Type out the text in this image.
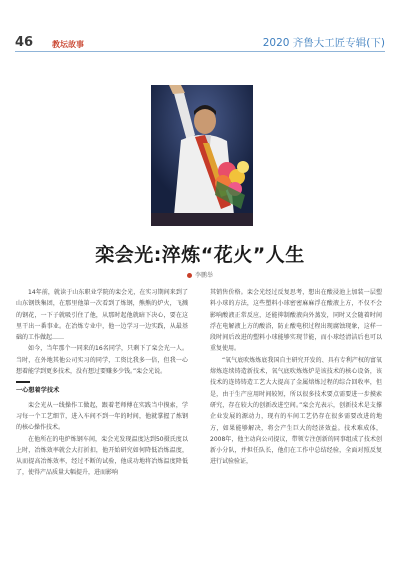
46 教坛故事	2020 齐鲁大工匠专辑(下)
栾会光:淬炼“花火”人生
李鹏举

14年前，就读于山东职业学院的栾会光，在实习期间来到了山东钢铁集团，在那里他第一次看到了炼钢，熊熊的炉火，飞溅的钢花，一下子就吸引住了他，从那时起他就暗下决心，要在这里干出一番事业。在冶炼专业中，他一边学习一边实践，从最基础的工作做起……

如今，当年那个一同来的16名同学，只剩下了栾会光一人。当时，在外地其他公司实习的同学，工资比我多一倍，但我一心想着能学到更多技术，没有想过要赚多少钱。”栾会光说。

一心想着学技术

栾会光从一线操作工做起，跟着老师傅在实践当中摸索，学习每一个工艺细节，进入车间不到一年的时间，他就掌握了炼钢的核心操作技术。

在他所在的电炉炼钢车间，栾会光发现温度达到50摄氏度以上时，冶炼效率就会大打折扣，他开始研究如何降低冶炼温度，从而提高冶炼效率，经过不断的试验，他成功地将冶炼温度降低了，使得产品质量大幅提升，进而影响

其销售价格。栾会光经过反复思考，想出在酸浸池上加装一层塑料小球的方法，这些塑料小球密密麻麻浮在酸液上方，不仅不会影响酸液正常反应，还能抑制酸液向外蒸发，同时又会随着时间浮在电解液上方的酸浴，防止酸电积过程出现腐蚀现象，这样一段时间后改进的塑料小球能够实现节能，而小球经清洁后也可以重复使用。

“氧气底吹炼炼底我国自主研究开发的、具有专利产权的富氧熔炼连续铸造新技术，氧气底吹炼炼炉是该技术的核心设备，该技术的连铸铸造工艺大大提高了金属熔炼过程的综合回收率，但是，由于生产应用时间较短，所以很多技术要点需要进一步摸索研究，存在较大的创新改进空间。”栾会光表示，创新技术是支撑企业发展的源动力，现有的车间工艺仍存在很多需要改进的地方，如果能够解决，将会产生巨大的经济效益。技术难成体，2008年，他主动向公司提议，带领专注创新的同事组成了技术创新小分队，并担任队长，他们在工作中总结经验，全面对照反复进行试验验证，
